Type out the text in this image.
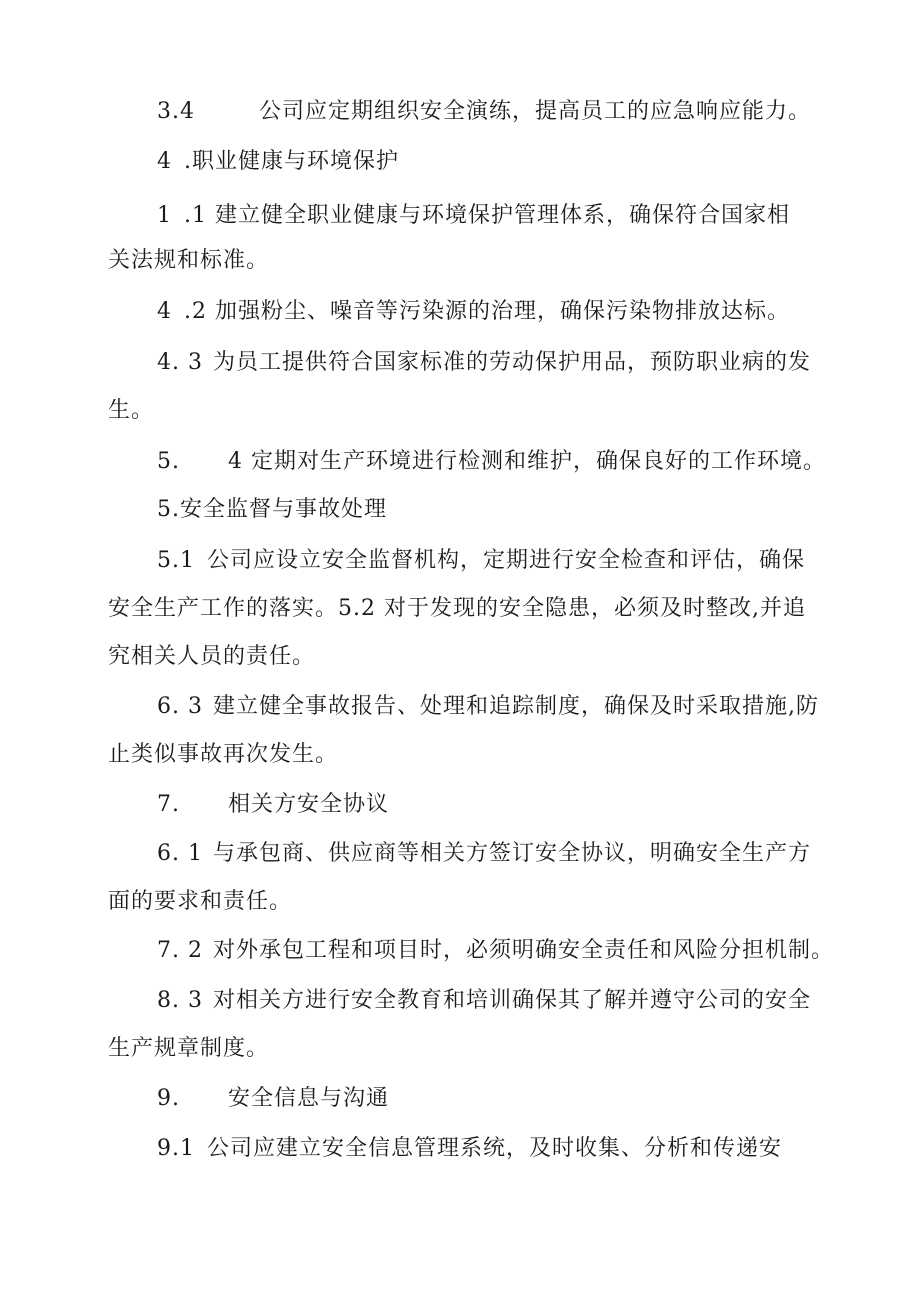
3.4	公司应定期组织安全演练，提高员工的应急响应能力。
4 .职业健康与环境保护
1 .1 建立健全职业健康与环境保护管理体系，确保符合国家相
关法规和标准。
4 .2 加强粉尘、噪音等污染源的治理，确保污染物排放达标。
4. 3 为员工提供符合国家标准的劳动保护用品，预防职业病的发
生。
5. 4 定期对生产环境进行检测和维护，确保良好的工作环境。
5.安全监督与事故处理
5.1 公司应设立安全监督机构，定期进行安全检查和评估，确保
安全生产工作的落实。5.2 对于发现的安全隐患，必须及时整改,并追
究相关人员的责任。
6. 3 建立健全事故报告、处理和追踪制度，确保及时采取措施,防
止类似事故再次发生。
7. 相关方安全协议
6. 1 与承包商、供应商等相关方签订安全协议，明确安全生产方
面的要求和责任。
7. 2 对外承包工程和项目时，必须明确安全责任和风险分担机制。
8. 3 对相关方进行安全教育和培训确保其了解并遵守公司的安全
生产规章制度。
9. 安全信息与沟通
9.1 公司应建立安全信息管理系统，及时收集、分析和传递安
